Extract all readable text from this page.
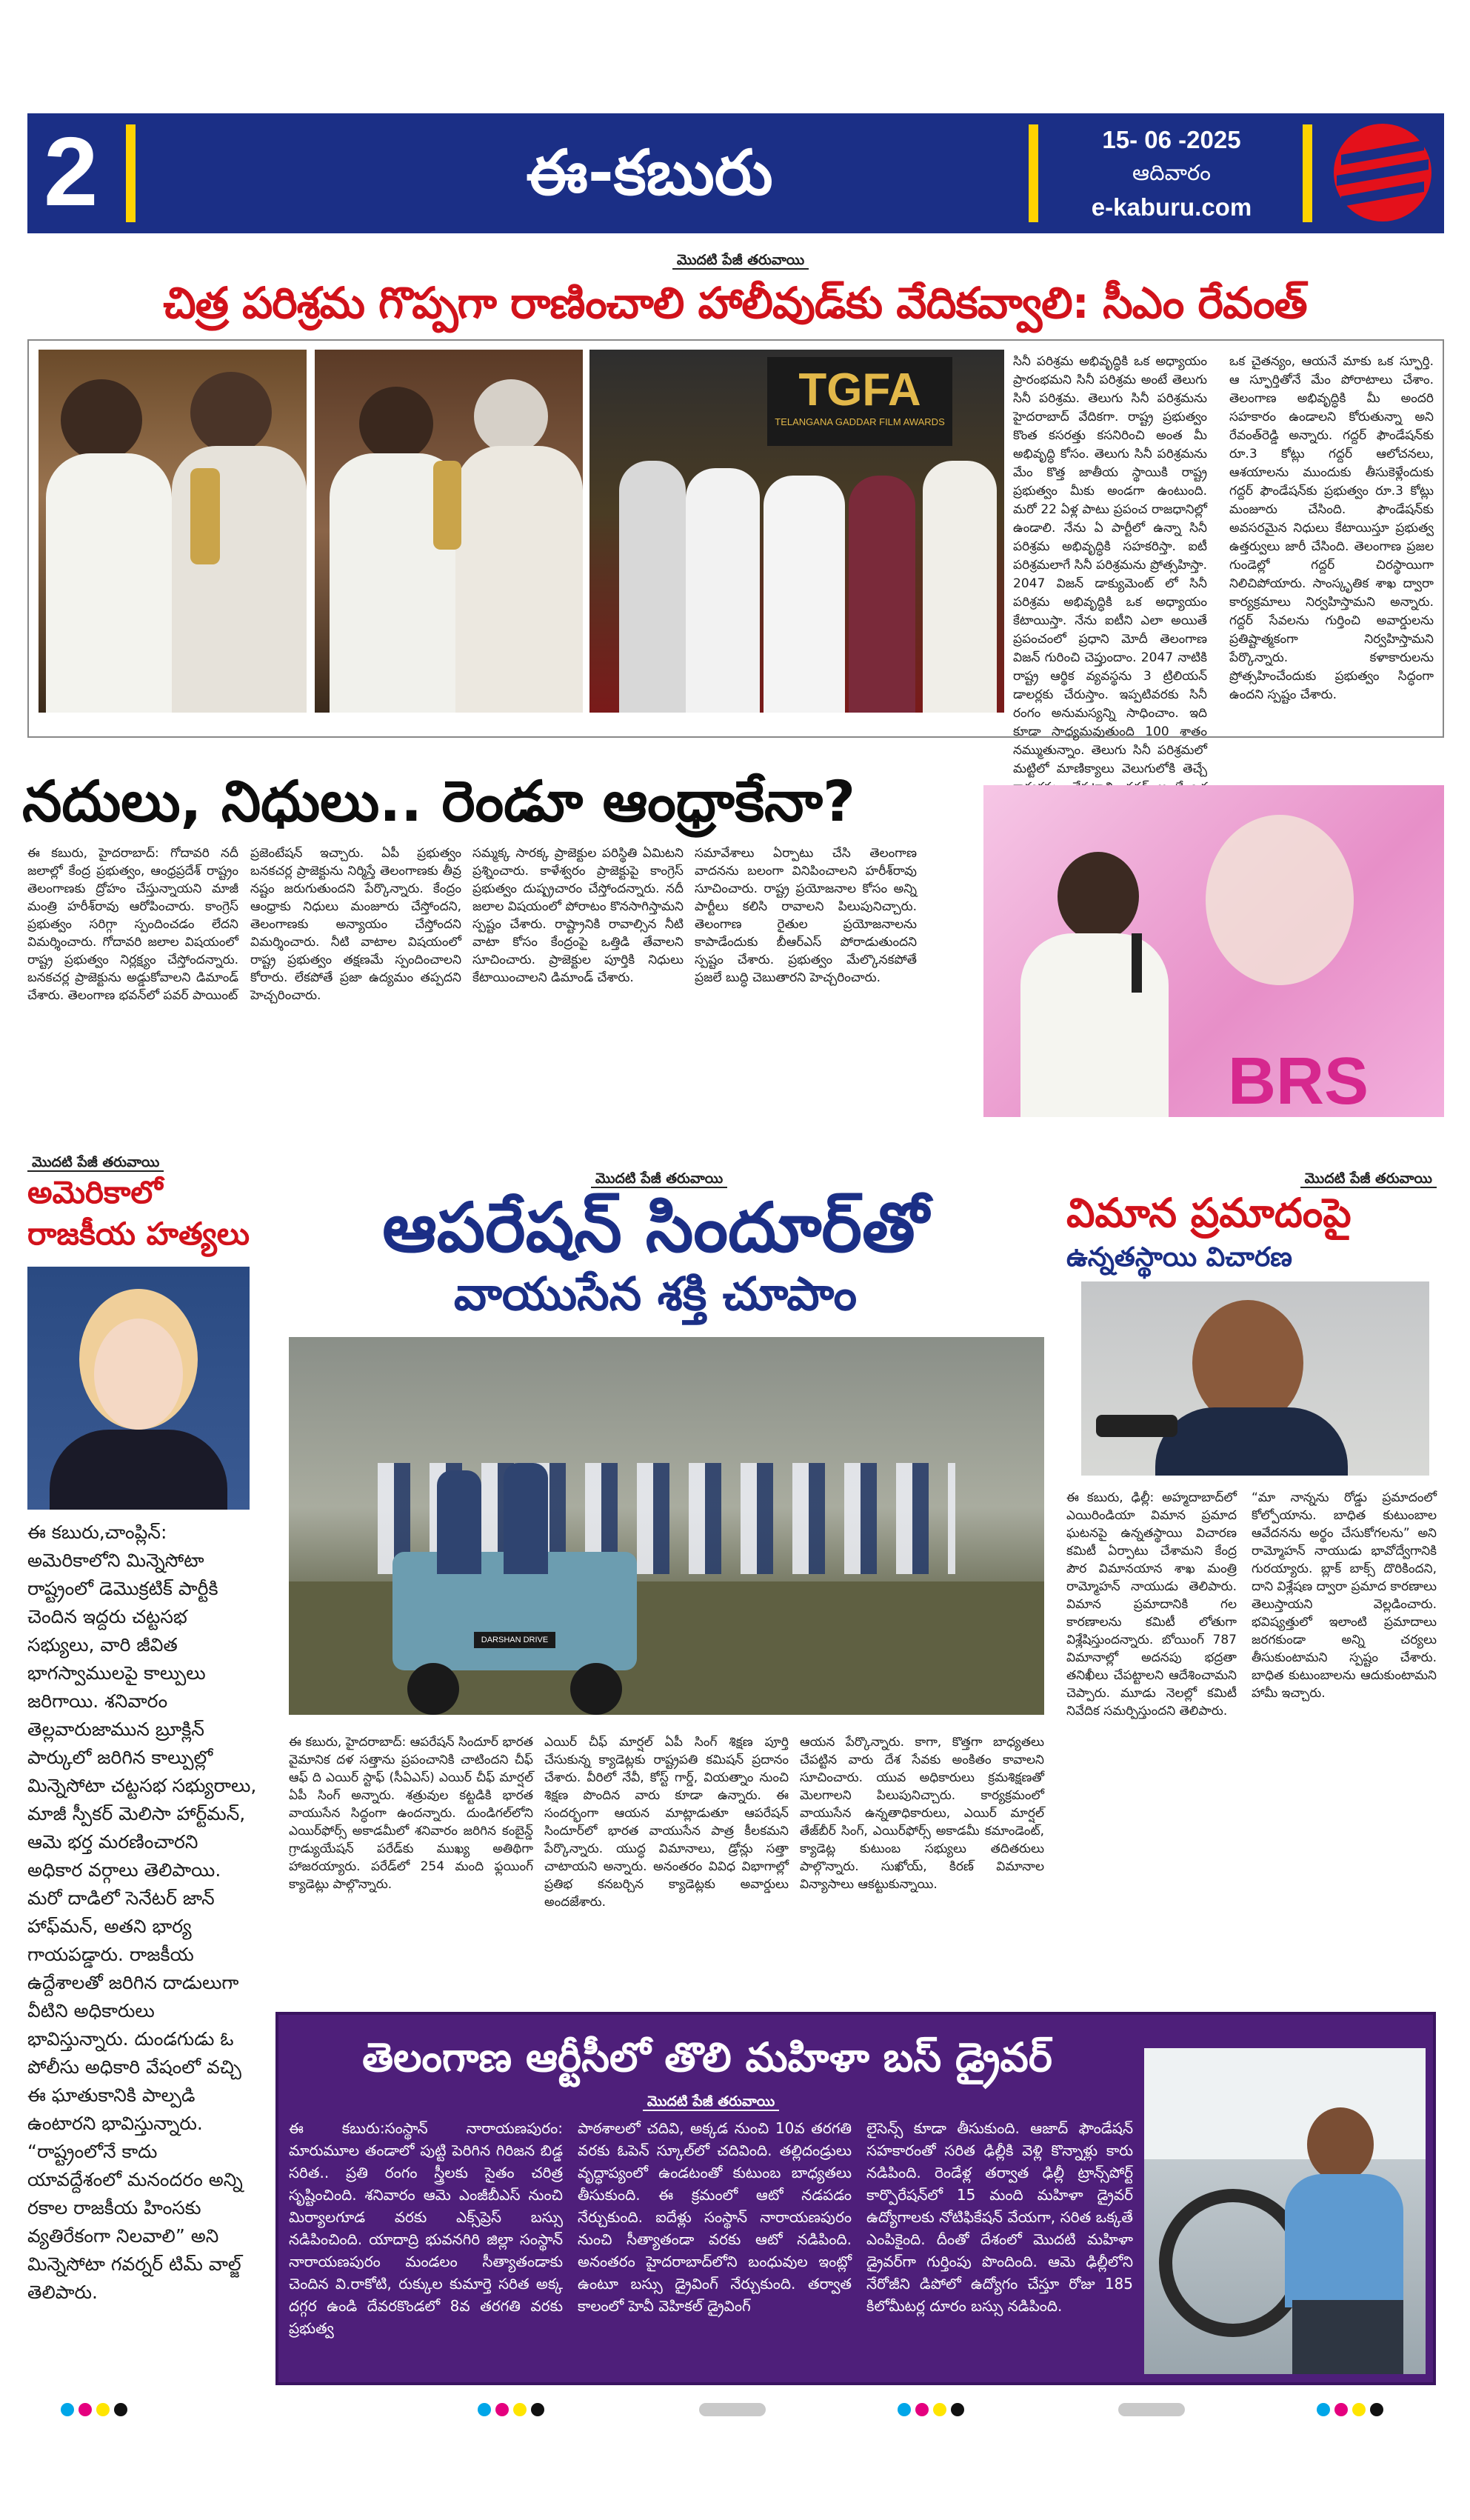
2	ఈ-కబురు	15- 06 -2025
ఆదివారం
e-kaburu.com
మొదటి పేజీ తరువాయి
చిత్ర పరిశ్రమ గొప్పగా రాణించాలి హాలీవుడ్‌కు వేదికవ్వాలి: సీఎం రేవంత్
TGFA
TELANGANA GADDAR FILM AWARDS
సినీ పరిశ్రమ అభివృద్ధికి ఒక అధ్యాయం ప్రారంభమని సినీ పరిశ్రమ అంటే తెలుగు సినీ పరిశ్రమ. తెలుగు సినీ పరిశ్రమను హైదరాబాద్ వేదికగా. రాష్ట్ర ప్రభుత్వం కొంత కసరత్తు కసనిరించి అంత మీ అభివృద్ధి కోసం. తెలుగు సినీ పరిశ్రమను మేం కొత్త జాతీయ స్థాయికి రాష్ట్ర ప్రభుత్వం మీకు అండగా ఉంటుంది. మరో 22 ఏళ్ల పాటు ప్రపంచ రాజధానిల్లో ఉండాలి. నేను ఏ పార్టీలో ఉన్నా సినీ పరిశ్రమ అభివృద్ధికి సహకరిస్తా. ఐటీ పరిశ్రమలాగే సినీ పరిశ్రమను ప్రోత్సహిస్తా. 2047 విజన్ డాక్యుమెంట్ లో సినీ పరిశ్రమ అభివృద్ధికి ఒక అధ్యాయం కేటాయిస్తా. నేను ఐటీని ఎలా అయితే ప్రపంచంలో ప్రధాని మోదీ తెలంగాణ విజన్ గురించి చెప్తుందాం. 2047 నాటికి రాష్ట్ర ఆర్థిక వ్యవస్థను 3 ట్రిలియన్ డాలర్లకు చేరుస్తాం. ఇప్పటివరకు సినీ రంగం అనుమస్యన్ని సాధించాం. ఇది కూడా సాధ్యమవుతుంది 100 శాతం నమ్ముతున్నాం. తెలుగు సినీ పరిశ్రమలో మట్టిలో మాణిక్యాలు వెలుగులోకి తెచ్చే
ఒక చైతన్యం, ఆయనే మాకు ఒక స్ఫూర్తి. ఆ స్ఫూర్తితోనే మేం పోరాటాలు చేశాం. తెలంగాణ అభివృద్ధికి మీ అందరి సహకారం ఉండాలని కోరుతున్నా అని రేవంత్‌రెడ్డి అన్నారు. గద్దర్ ఫౌండేషన్‌కు రూ.3 కోట్లు గద్దర్ ఆలోచనలు, ఆశయాలను ముందుకు తీసుకెళ్లేందుకు గద్దర్ ఫౌండేషన్‌కు ప్రభుత్వం రూ.3 కోట్లు మంజూరు చేసింది. ఫౌండేషన్‌కు అవసరమైన నిధులు కేటాయిస్తూ ప్రభుత్వ ఉత్తర్వులు జారీ చేసింది. తెలంగాణ ప్రజల గుండెల్లో గద్దర్ చిరస్థాయిగా నిలిచిపోయారు. సాంస్కృతిక శాఖ ద్వారా కార్యక్రమాలు నిర్వహిస్తామని అన్నారు. గద్దర్ సేవలను గుర్తించి అవార్డులను ప్రతిష్టాత్మకంగా నిర్వహిస్తామని పేర్కొన్నారు. కళాకారులను ప్రోత్సహించేందుకు ప్రభుత్వం సిద్ధంగా ఉందని స్పష్టం చేశారు.
నదులు, నిధులు.. రెండూ ఆంధ్రాకేనా?
ఈ కబురు, హైదరాబాద్: గోదావరి నదీ జలాల్లో కేంద్ర ప్రభుత్వం, ఆంధ్రప్రదేశ్ రాష్ట్రం తెలంగాణకు ద్రోహం చేస్తున్నాయని మాజీ మంత్రి హరీశ్‌రావు ఆరోపించారు. కాంగ్రెస్ ప్రభుత్వం సరిగ్గా స్పందించడం లేదని విమర్శించారు. గోదావరి జలాల విషయంలో రాష్ట్ర ప్రభుత్వం నిర్లక్ష్యం చేస్తోందన్నారు. బనకచర్ల ప్రాజెక్టును అడ్డుకోవాలని డిమాండ్ చేశారు. తెలంగాణ భవన్‌లో పవర్ పాయింట్
ప్రజెంటేషన్ ఇచ్చారు. ఏపీ ప్రభుత్వం బనకచర్ల ప్రాజెక్టును నిర్మిస్తే తెలంగాణకు తీవ్ర నష్టం జరుగుతుందని పేర్కొన్నారు. కేంద్రం ఆంధ్రాకు నిధులు మంజూరు చేస్తోందని, తెలంగాణకు అన్యాయం చేస్తోందని విమర్శించారు. నీటి వాటాల విషయంలో రాష్ట్ర ప్రభుత్వం తక్షణమే స్పందించాలని కోరారు. లేకపోతే ప్రజా ఉద్యమం తప్పదని హెచ్చరించారు.
సమ్మక్క సారక్క ప్రాజెక్టుల పరిస్థితి ఏమిటని ప్రశ్నించారు. కాళేశ్వరం ప్రాజెక్టుపై కాంగ్రెస్ ప్రభుత్వం దుష్ప్రచారం చేస్తోందన్నారు. నదీ జలాల విషయంలో పోరాటం కొనసాగిస్తామని స్పష్టం చేశారు. రాష్ట్రానికి రావాల్సిన నీటి వాటా కోసం కేంద్రంపై ఒత్తిడి తేవాలని సూచించారు. ప్రాజెక్టుల పూర్తికి నిధులు కేటాయించాలని డిమాండ్ చేశారు.
సమావేశాలు ఏర్పాటు చేసి తెలంగాణ వాదనను బలంగా వినిపించాలని హరీశ్‌రావు సూచించారు. రాష్ట్ర ప్రయోజనాల కోసం అన్ని పార్టీలు కలిసి రావాలని పిలుపునిచ్చారు. తెలంగాణ రైతుల ప్రయోజనాలను కాపాడేందుకు బీఆర్‌ఎస్ పోరాడుతుందని స్పష్టం చేశారు. ప్రభుత్వం మేల్కొనకపోతే ప్రజలే బుద్ధి చెబుతారని హెచ్చరించారు.
BRS
మొదటి పేజీ తరువాయి
అమెరికాలో
రాజకీయ హత్యలు
ఈ కబురు,చాంప్లిన్: అమెరికాలోని మిన్నెసోటా రాష్ట్రంలో డెమొక్రటిక్ పార్టీకి చెందిన ఇద్దరు చట్టసభ సభ్యులు, వారి జీవిత భాగస్వాములపై కాల్పులు జరిగాయి. శనివారం తెల్లవారుజామున బ్రూక్లిన్ పార్కులో జరిగిన కాల్పుల్లో మిన్నెసోటా చట్టసభ సభ్యురాలు, మాజీ స్పీకర్ మెలిసా హార్ట్‌మన్, ఆమె భర్త మరణించారని అధికార వర్గాలు తెలిపాయి. మరో దాడిలో సెనేటర్ జాన్ హాఫ్‌మన్, అతని భార్య గాయపడ్డారు. రాజకీయ ఉద్దేశాలతో జరిగిన దాడులుగా వీటిని అధికారులు భావిస్తున్నారు. దుండగుడు ఓ పోలీసు అధికారి వేషంలో వచ్చి ఈ ఘాతుకానికి పాల్పడి ఉంటారని భావిస్తున్నారు. “రాష్ట్రంలోనే కాదు యావద్దేశంలో మనందరం అన్ని రకాల రాజకీయ హింసకు వ్యతిరేకంగా నిలవాలి” అని మిన్నెసోటా గవర్నర్ టిమ్ వాల్జ్ తెలిపారు.
మొదటి పేజీ తరువాయి
ఆపరేషన్ సిందూర్‌తో
వాయుసేన శక్తి చూపాం
DARSHAN DRIVE
ఈ కబురు, హైదరాబాద్: ఆపరేషన్ సిందూర్ భారత వైమానిక దళ సత్తాను ప్రపంచానికి చాటిందని చీఫ్ ఆఫ్ ది ఎయిర్ స్టాఫ్ (సీఏఎస్) ఎయిర్ చీఫ్ మార్షల్ ఏపీ సింగ్ అన్నారు. శత్రువుల కట్టడికి భారత వాయుసేన సిద్ధంగా ఉందన్నారు. దుండిగల్‌లోని ఎయిర్‌ఫోర్స్ అకాడమీలో శనివారం జరిగిన కంబైన్డ్ గ్రాడ్యుయేషన్ పరేడ్‌కు ముఖ్య అతిథిగా హాజరయ్యారు. పరేడ్‌లో 254 మంది ఫ్లయింగ్ క్యాడెట్లు పాల్గొన్నారు.
ఎయిర్ చీఫ్ మార్షల్ ఏపీ సింగ్ శిక్షణ పూర్తి చేసుకున్న క్యాడెట్లకు రాష్ట్రపతి కమిషన్ ప్రదానం చేశారు. వీరిలో నేవీ, కోస్ట్ గార్డ్, వియత్నాం నుంచి శిక్షణ పొందిన వారు కూడా ఉన్నారు. ఈ సందర్భంగా ఆయన మాట్లాడుతూ ఆపరేషన్ సిందూర్‌లో భారత వాయుసేన పాత్ర కీలకమని పేర్కొన్నారు. యుద్ధ విమానాలు, డ్రోన్లు సత్తా చాటాయని అన్నారు. అనంతరం వివిధ విభాగాల్లో ప్రతిభ కనబర్చిన క్యాడెట్లకు అవార్డులు అందజేశారు.
ఆయన పేర్కొన్నారు. కాగా, కొత్తగా బాధ్యతలు చేపట్టిన వారు దేశ సేవకు అంకితం కావాలని సూచించారు. యువ అధికారులు క్రమశిక్షణతో మెలగాలని పిలుపునిచ్చారు. కార్యక్రమంలో వాయుసేన ఉన్నతాధికారులు, ఎయిర్ మార్షల్ తేజ్‌బీర్ సింగ్, ఎయిర్‌ఫోర్స్ అకాడమీ కమాండెంట్, క్యాడెట్ల కుటుంబ సభ్యులు తదితరులు పాల్గొన్నారు. సుఖోయ్, కిరణ్ విమానాల విన్యాసాలు ఆకట్టుకున్నాయి.
మొదటి పేజీ తరువాయి
విమాన ప్రమాదంపై
ఉన్నతస్థాయి విచారణ
ఈ కబురు, ఢిల్లీ: అహ్మదాబాద్‌లో ఎయిరిండియా విమాన ప్రమాద ఘటనపై ఉన్నతస్థాయి విచారణ కమిటీ ఏర్పాటు చేశామని కేంద్ర పౌర విమానయాన శాఖ మంత్రి రామ్మోహన్ నాయుడు తెలిపారు. విమాన ప్రమాదానికి గల కారణాలను కమిటీ లోతుగా విశ్లేషిస్తుందన్నారు. బోయింగ్ 787 విమానాల్లో అదనపు భద్రతా తనిఖీలు చేపట్టాలని ఆదేశించామని చెప్పారు. మూడు నెలల్లో కమిటీ నివేదిక సమర్పిస్తుందని తెలిపారు.
“మా నాన్నను రోడ్డు ప్రమాదంలో కోల్పోయాను. బాధిత కుటుంబాల ఆవేదనను అర్థం చేసుకోగలను” అని రామ్మోహన్ నాయుడు భావోద్వేగానికి గురయ్యారు. బ్లాక్ బాక్స్ దొరికిందని, దాని విశ్లేషణ ద్వారా ప్రమాద కారణాలు తెలుస్తాయని వెల్లడించారు. భవిష్యత్తులో ఇలాంటి ప్రమాదాలు జరగకుండా అన్ని చర్యలు తీసుకుంటామని స్పష్టం చేశారు. బాధిత కుటుంబాలను ఆదుకుంటామని హామీ ఇచ్చారు.
తెలంగాణ ఆర్టీసీలో తొలి మహిళా బస్ డ్రైవర్
మొదటి పేజీ తరువాయి
ఈ కబురు:సంస్థాన్ నారాయణపురం: మారుమూల తండాలో పుట్టి పెరిగిన గిరిజన బిడ్డ సరిత.. ప్రతి రంగం స్త్రీలకు సైతం చరిత్ర సృష్టించింది. శనివారం ఆమె ఎంజీబీఎస్ నుంచి మిర్యాలగూడ వరకు ఎక్స్‌ప్రెస్ బస్సు నడిపించింది. యాదాద్రి భువనగిరి జిల్లా సంస్థాన్ నారాయణపురం మండలం సీత్యాతండాకు చెందిన వి.రాకోటి, రుక్కుల కుమార్తె సరిత అక్క దగ్గర ఉండి దేవరకొండలో 8వ తరగతి వరకు ప్రభుత్వ
పాఠశాలలో చదివి, అక్కడ నుంచి 10వ తరగతి వరకు ఓపెన్ స్కూల్‌లో చదివింది. తల్లిదండ్రులు వృద్ధాప్యంలో ఉండటంతో కుటుంబ బాధ్యతలు తీసుకుంది. ఈ క్రమంలో ఆటో నడపడం నేర్చుకుంది. ఐదేళ్లు సంస్థాన్ నారాయణపురం నుంచి సీత్యాతండా వరకు ఆటో నడిపింది. అనంతరం హైదరాబాద్‌లోని బంధువుల ఇంట్లో ఉంటూ బస్సు డ్రైవింగ్ నేర్చుకుంది. తర్వాత కాలంలో హెవీ వెహికల్ డ్రైవింగ్
లైసెన్స్ కూడా తీసుకుంది. ఆజాద్ ఫౌండేషన్ సహకారంతో సరిత ఢిల్లీకి వెళ్లి కొన్నాళ్లు కారు నడిపింది. రెండేళ్ల తర్వాత ఢిల్లీ ట్రాన్స్‌పోర్ట్ కార్పొరేషన్‌లో 15 మంది మహిళా డ్రైవర్ ఉద్యోగాలకు నోటిఫికేషన్ వేయగా, సరిత ఒక్కతే ఎంపికైంది. దీంతో దేశంలో మొదటి మహిళా డ్రైవర్‌గా గుర్తింపు పొందింది. ఆమె ఢిల్లీలోని నేరోజీని డిపోలో ఉద్యోగం చేస్తూ రోజు 185 కిలోమీటర్ల దూరం బస్సు నడిపింది.
